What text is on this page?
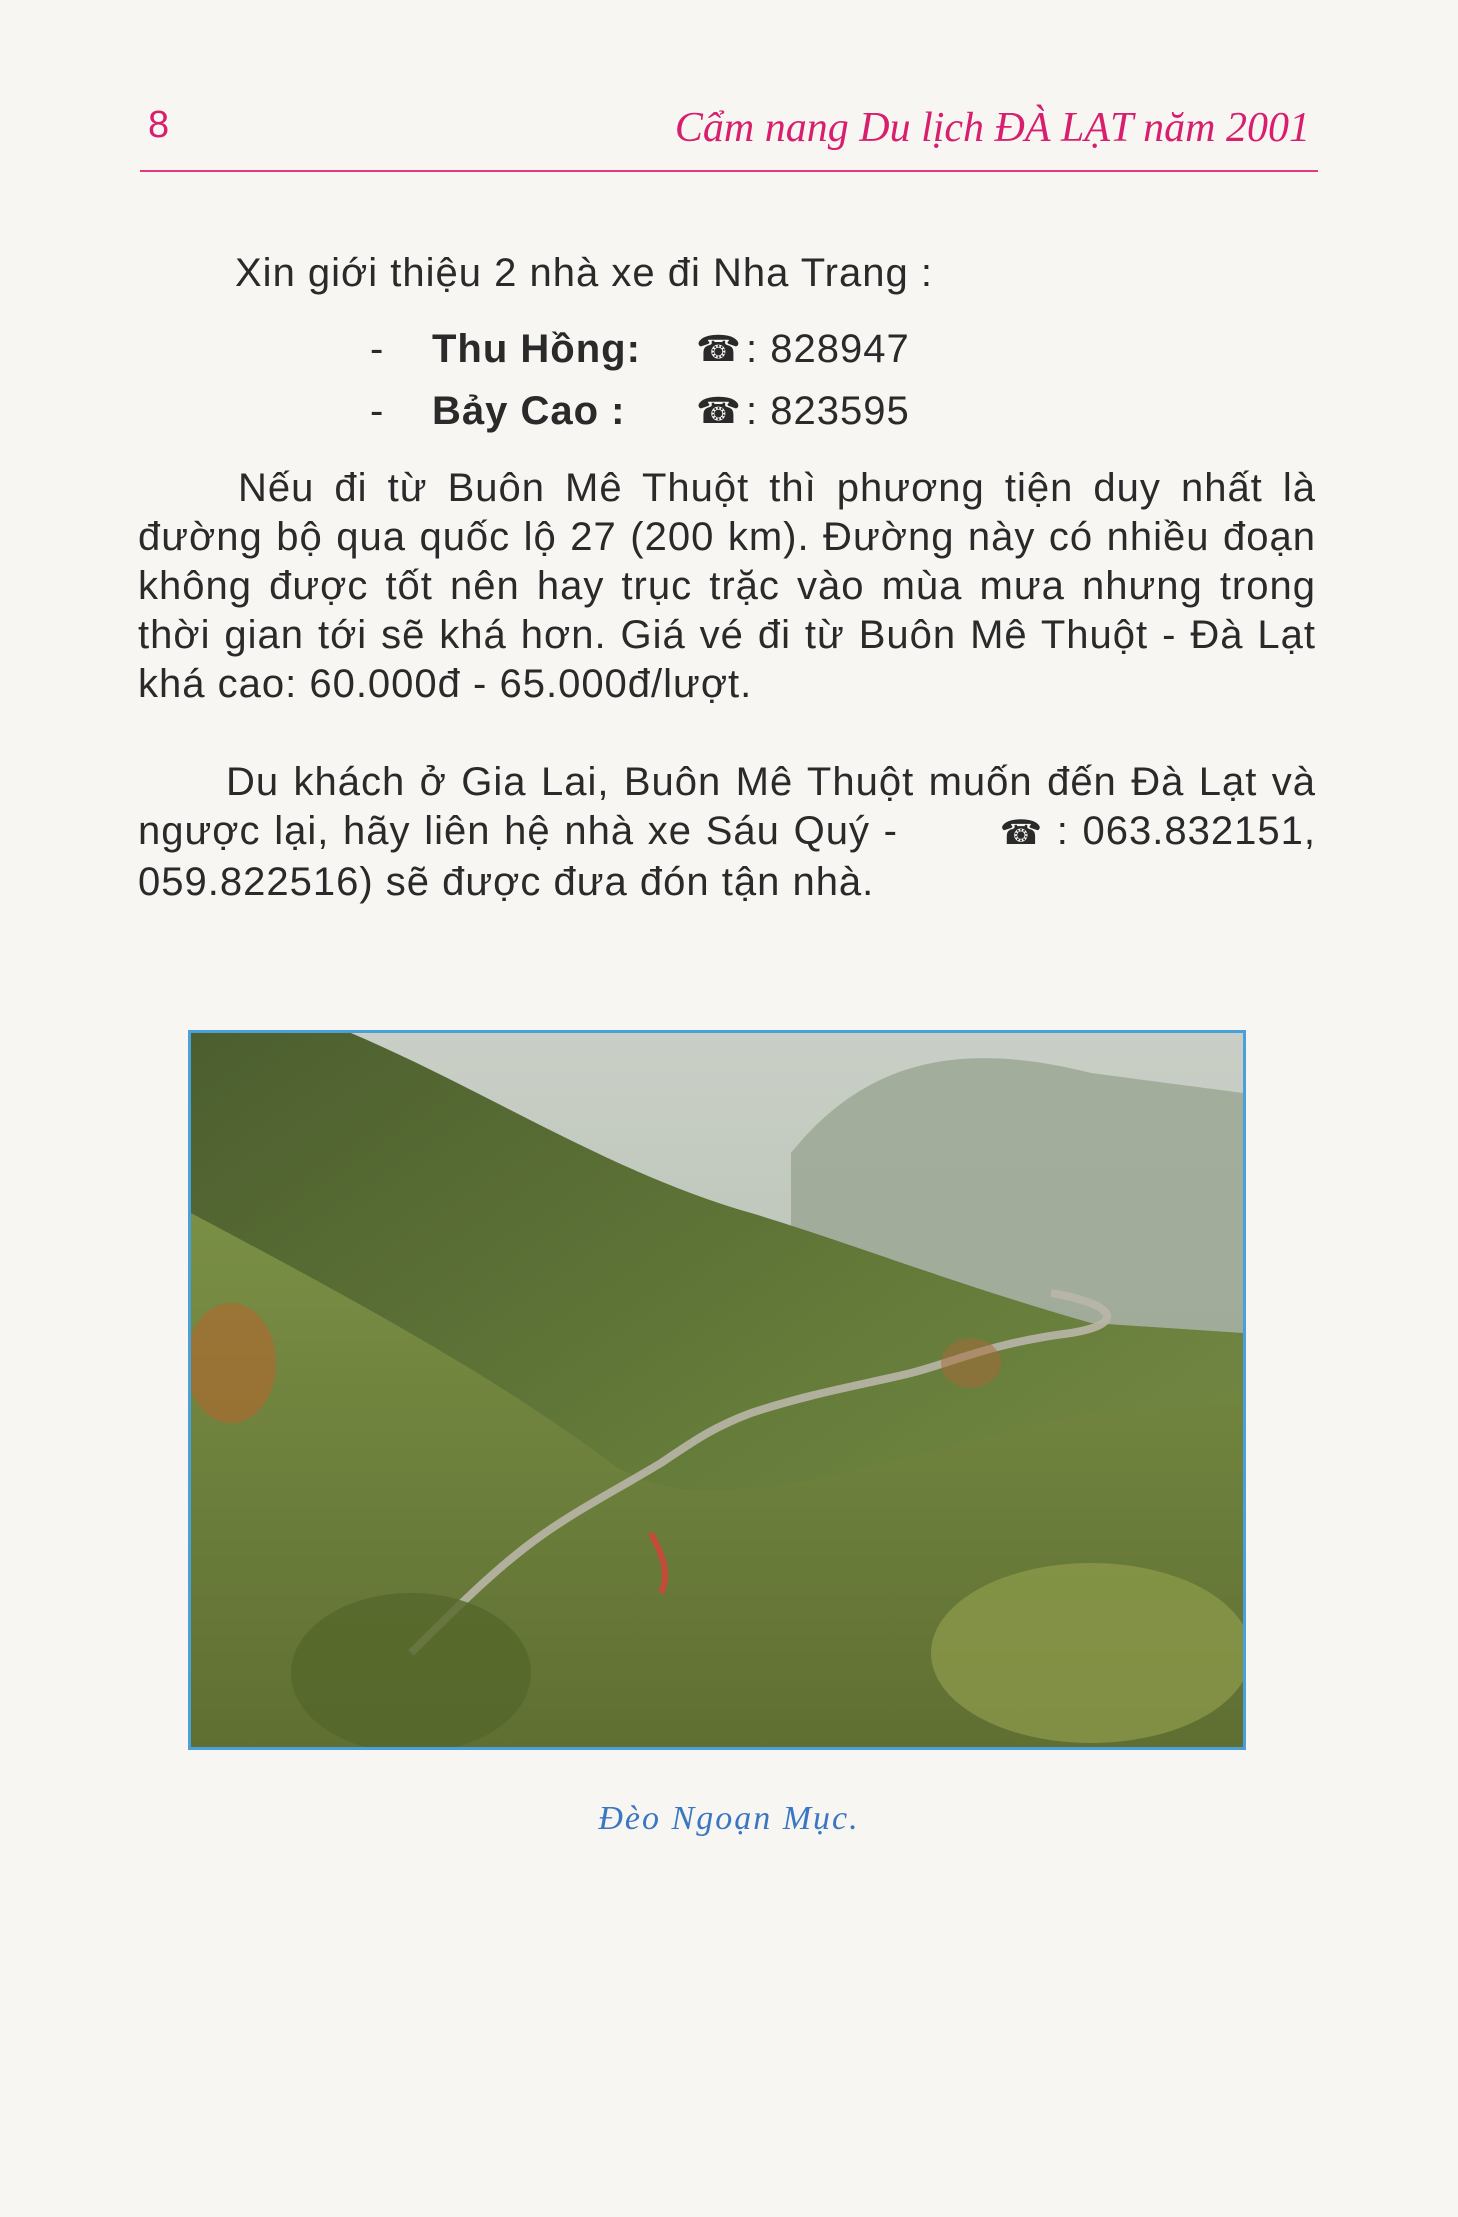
8	Cẩm nang Du lịch ĐÀ LẠT năm 2001
Xin giới thiệu 2 nhà xe đi Nha Trang :
-	Thu Hồng:	☎ : 828947
-	Bảy Cao :	☎ : 823595
Nếu đi từ Buôn Mê Thuột thì phương tiện duy nhất là đường bộ qua quốc lộ 27 (200 km). Đường này có nhiều đoạn không được tốt nên hay trục trặc vào mùa mưa nhưng trong thời gian tới sẽ khá hơn. Giá vé đi từ Buôn Mê Thuột - Đà Lạt khá cao: 60.000đ - 65.000đ/lượt.
Du khách ở Gia Lai, Buôn Mê Thuột muốn đến Đà Lạt và ngược lại, hãy liên hệ nhà xe Sáu Quý -	☎ : 063.832151, 059.822516) sẽ được đưa đón tận nhà.
Đèo Ngoạn Mục.
